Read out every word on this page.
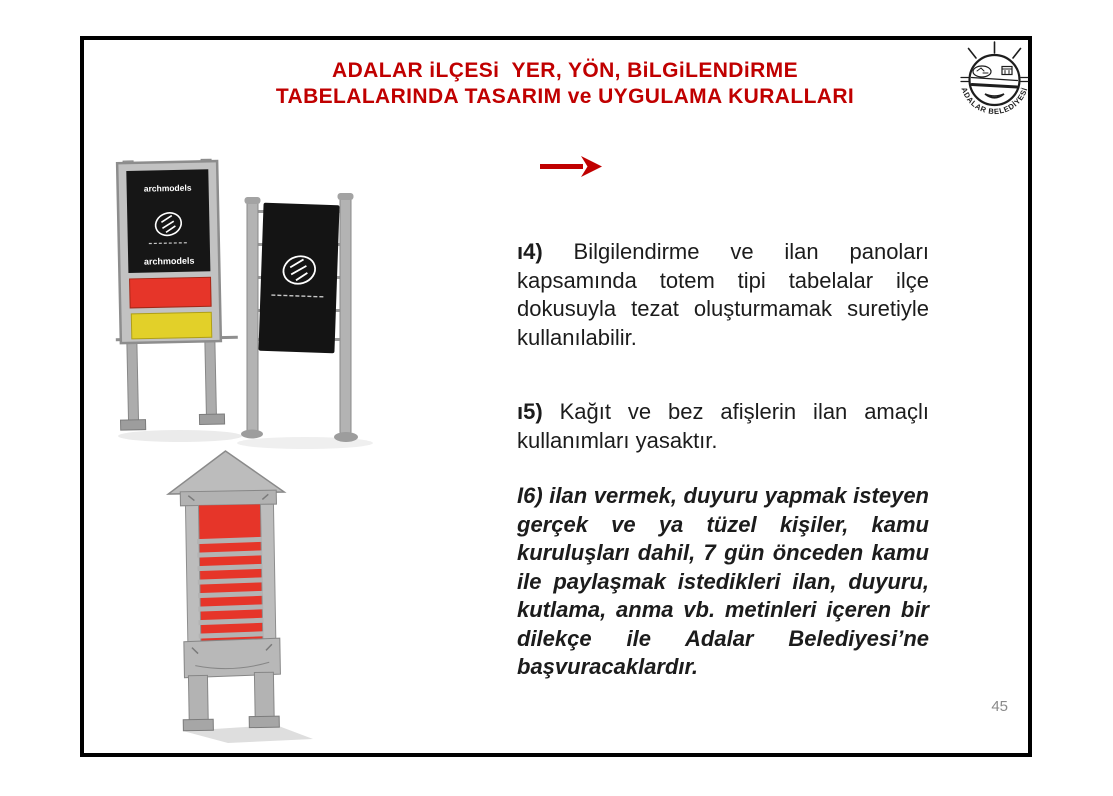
ADALAR iLÇESi  YER, YÖN, BiLGiLENDiRME
TABELALARINDA TASARIM ve UYGULAMA KURALLARI	ADALAR BELEDİYESİ
archmodels
archmodels	ı4) Bilgilendirme ve ilan panoları kapsamında totem tipi tabelalar ilçe dokusuyla tezat oluşturmamak suretiyle kullanılabilir.

ı5) Kağıt ve bez afişlerin ilan amaçlı kullanımları yasaktır.

I6) ilan vermek, duyuru yapmak isteyen gerçek ve ya tüzel kişiler, kamu kuruluşları dahil, 7 gün önceden kamu ile paylaşmak istedikleri ilan, duyuru, kutlama, anma vb. metinleri içeren bir dilekçe ile Adalar Belediyesi’ne başvuracaklardır.

45
